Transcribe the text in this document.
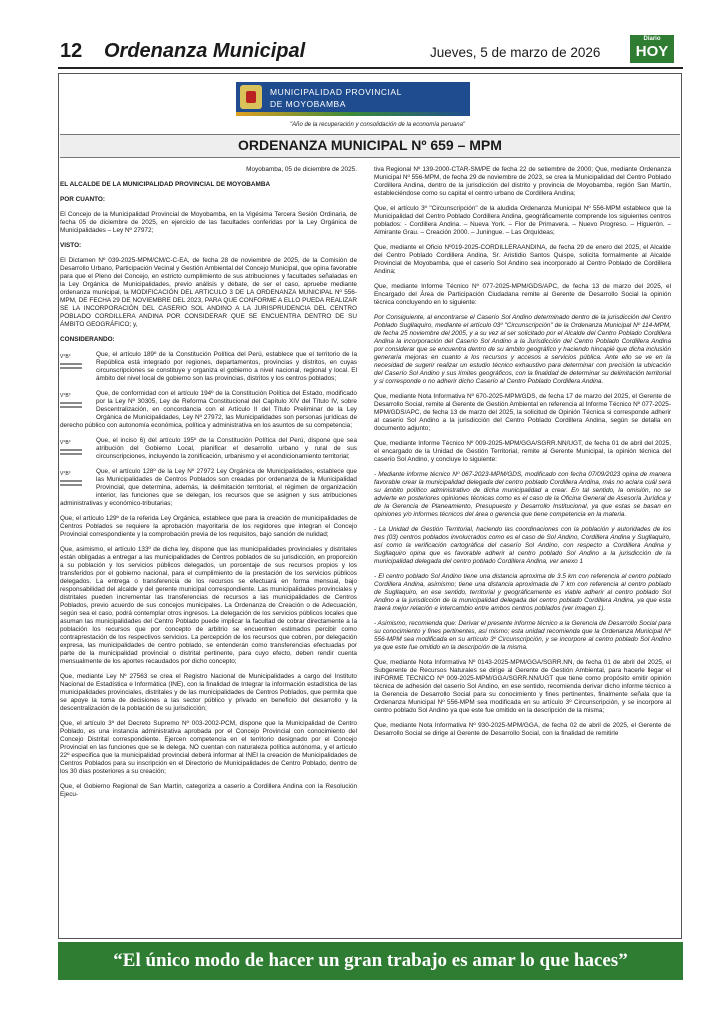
12 Ordenanza Municipal	Jueves, 5 de marzo de 2026
Diario
HOY
MUNICIPALIDAD PROVINCIAL
DE MOYOBAMBA
"Año de la recuperación y consolidación de la economía peruana"
ORDENANZA MUNICIPAL Nº 659 – MPM

Moyobamba, 05 de diciembre de 2025.

EL ALCALDE DE LA MUNICIPALIDAD PROVINCIAL DE MOYOBAMBA

POR CUANTO:

El Concejo de la Municipalidad Provincial de Moyobamba, en la Vigésima Tercera Sesión Ordinaria, de fecha 05 de diciembre de 2025, en ejercicio de las facultades conferidas por la Ley Orgánica de Municipalidades – Ley Nº 27972;

VISTO:

El Dictamen Nº 039-2025-MPM/CM/C-C-EA, de fecha 28 de noviembre de 2025, de la Comisión de Desarrollo Urbano, Participación Vecinal y Gestión Ambiental del Concejo Municipal, que opina favorable para que el Pleno del Concejo, en estricto cumplimiento de sus atribuciones y facultades señaladas en la Ley Orgánica de Municipalidades, previo análisis y debate, de ser el caso, apruebe mediante ordenanza municipal, la MODIFICACIÓN DEL ARTICULO 3 DE LA ORDENANZA MUNICIPAL Nº 556-MPM, DE FECHA 29 DE NOVIEMBRE DEL 2023, PARA QUE CONFORME A ELLO PUEDA REALIZAR SE LA INCORPORACIÓN DEL CASERIO SOL ANDINO A LA JURISPRUDENCIA DEL CENTRO POBLADO CORDILLERA ANDINA POR CONSIDERAR QUE SE ENCUENTRA DENTRO DE SU ÁMBITO GEOGRÁFICO; y,

CONSIDERANDO:

V°B°	Que, el artículo 189º de la Constitución Política del Perú, establece que el territorio de la República está integrado por regiones, departamentos, provincias y distritos, en cuyas circunscripciones se constituye y organiza el gobierno a nivel nacional, regional y local. El ámbito del nivel local de gobierno son las provincias, distritos y los centros poblados;

V°B°	Que, de conformidad con el artículo 194º de la Constitución Política del Estado, modificado por la Ley Nº 30305, Ley de Reforma Constitucional del Capítulo XIV del Título IV, sobre Descentralización, en concordancia con el Artículo II del Título Preliminar de la Ley Orgánica de Municipalidades, Ley Nº 27972, las Municipalidades son personas jurídicas de derecho público con autonomía económica, política y administrativa en los asuntos de su competencia;

V°B°	Que, el inciso 6) del artículo 195º de la Constitución Política del Perú, dispone que sea atribución del Gobierno Local, planificar el desarrollo urbano y rural de sus circunscripciones, incluyendo la zonificación, urbanismo y el acondicionamiento territorial;

V°B°	Que, el artículo 128º de la Ley Nº 27972 Ley Orgánica de Municipalidades, establece que las Municipalidades de Centros Poblados son creadas por ordenanza de la Municipalidad Provincial, que determina, además, la delimitación territorial, el régimen de organización interior, las funciones que se delegan, los recursos que se asignen y sus atribuciones administrativas y económico-tributarias;

Que, el artículo 129º de la referida Ley Orgánica, establece que para la creación de municipalidades de Centros Poblados se requiere la aprobación mayoritaria de los regidores que integran el Concejo Provincial correspondiente y la comprobación previa de los requisitos, bajo sanción de nulidad;

Que, asimismo, el artículo 133º de dicha ley, dispone que las municipalidades provinciales y distritales están obligadas a entregar a las municipalidades de Centros poblados de su jurisdicción, en proporción a su población y los servicios públicos delegados, un porcentaje de sus recursos propios y los transferidos por el gobierno nacional, para el cumplimiento de la prestación de los servicios públicos delegados. La entrega o transferencia de los recursos se efectuará en forma mensual, bajo responsabilidad del alcalde y del gerente municipal correspondiente. Las municipalidades provinciales y distritales pueden incrementar las transferencias de recursos a las municipalidades de Centros Poblados, previo acuerdo de sus concejos municipales. La Ordenanza de Creación o de Adecuación, según sea el caso, podrá contemplar otros ingresos. La delegación de los servicios públicos locales que asuman las municipalidades del Centro Poblado puede implicar la facultad de cobrar directamente a la población los recursos que por concepto de arbitrio se encuentren estimados percibir como contraprestación de los respectivos servicios. La percepción de los recursos que cobren, por delegación expresa, las municipalidades de centro poblado, se entenderán como transferencias efectuadas por parte de la municipalidad provincial o distrital pertinente, para cuyo efecto, deben rendir cuenta mensualmente de los aportes recaudados por dicho concepto;

Que, mediante Ley Nº 27563 se crea el Registro Nacional de Municipalidades a cargo del Instituto Nacional de Estadística e Informática (INE), con la finalidad de Integrar la información estadística de las municipalidades provinciales, distritales y de las municipalidades de Centros Poblados, que permita que se apoye la toma de decisiones a las sector público y privado en beneficio del desarrollo y la descentralización de la población de su jurisdicción;

Que, el artículo 3º del Decreto Supremo Nº 003-2002-PCM, dispone que la Municipalidad de Centro Poblado, es una instancia administrativa aprobada por el Concejo Provincial con conocimiento del Concejo Distrital correspondiente. Ejercen competencia en el territorio designado por el Concejo Provincial en las funciones que se le delega. NO cuentan con naturaleza política autónoma, y el artículo 22º especifica que la municipalidad provincial deberá informar al INEI la creación de Municipalidades de Centros Poblados para su inscripción en el Directorio de Municipalidades de Centro Poblado, dentro de los 30 días posteriores a su creación;

Que, el Gobierno Regional de San Martín, categoriza a caserío a Cordillera Andina con la Resolución Ejecu-

tiva Regional Nº 139-2000-CTAR-SM/PE de fecha 22 de setiembre de 2000; Que, mediante Ordenanza Municipal Nº 556-MPM, de fecha 29 de noviembre de 2023, se crea la Municipalidad del Centro Poblado Cordillera Andina, dentro de la jurisdicción del distrito y provincia de Moyobamba, región San Martín, estableciéndose como su capital el centro urbano de Cordillera Andina;

Que, el artículo 3º "Circunscripción" de la aludida Ordenanza Municipal Nº 556-MPM establece que la Municipalidad del Centro Poblado Cordillera Andina, geográficamente comprende los siguientes centros poblados: - Cordillera Andina. – Nueva York. – Flor de Primavera. – Nuevo Progreso. – Higuerón. – Almirante Grau. – Creación 2000. – Juningue. – Las Orquídeas;

Que, mediante el Oficio Nº019-2025-CORDILLERAANDINA, de fecha 29 de enero del 2025, el Alcalde del Centro Poblado Cordillera Andina, Sr. Aristidio Santos Quispe, solicita formalmente al Alcalde Provincial de Moyobamba, que el caserío Sol Andino sea incorporado al Centro Poblado de Cordillera Andina;

Que, mediante Informe Técnico Nº 077-2025-MPM/GDS/APC, de fecha 13 de marzo del 2025, el Encargado del Área de Participación Ciudadana remite al Gerente de Desarrollo Social la opinión técnica concluyendo en lo siguiente:

Por Consiguiente, al encontrarse el Caserío Sol Andino determinado dentro de la jurisdicción del Centro Poblado Sugllaquiro, mediante el artículo 03º "Circunscripción" de la Ordenanza Municipal Nº 114-MPM, de fecha 25 noviembre del 2005, y a su vez al ser solicitado por el Alcalde del Centro Poblado Cordillera Andina la incorporación del Caserío Sol Andino a la Jurisdicción del Centro Poblado Cordillera Andina por considerar que se encuentra dentro de su ámbito geográfico y haciendo hincapié que dicha inclusión generaría mejoras en cuanto a los recursos y accesos a servicios pública. Ante ello se ve en la necesidad de sugerir realizar un estudio técnico exhaustivo para determinar con precisión la ubicación del Caserío Sol Andino y sus límites geográficos, con la finalidad de determinar su delimitación territorial y si corresponde o no adherir dicho Caserío al Centro Poblado Cordillera Andina.

Que, mediante Nota Informativa Nº 670-2025-MPM/GDS, de fecha 17 de marzo del 2025, el Gerente de Desarrollo Social, remite al Gerente de Gestión Ambiental en referencia al Informe Técnico Nº 077-2025-MPM/GDS/APC, de fecha 13 de marzo del 2025, la solicitud de Opinión Técnica si corresponde adherir al caserío Sol Andino a la jurisdicción del Centro Poblado Cordillera Andina, según se detalla en documento adjunto;

Que, mediante Informe Técnico Nº 009-2025-MPM/GGA/SGRR.NN/UGT, de fecha 01 de abril del 2025, el encargado de la Unidad de Gestión Territorial, remite al Gerente Municipal, la opinión técnica del caserío Sol Andino, y concluye lo siguiente:

- Mediante informe técnico Nº 067-2023-MPM/GDS, modificado con fecha 07/09/2023 opina de manera favorable crear la municipalidad delegada del centro poblado Cordillera Andina, más no aclara cuál será su ámbito político administrativo de dicha municipalidad a crear. En tal sentido, la omisión, no se advierte en posteriores opiniones técnicas como es el caso de la Oficina General de Asesoría Jurídica y de la Gerencia de Planeamiento, Presupuesto y Desarrollo Institucional, ya que estas se basan en opiniones y/o informes técnicos del área o gerencia que tiene competencia en la materia.

- La Unidad de Gestión Territorial, haciendo las coordinaciones con la población y autoridades de los tres (03) centros poblados involucrados como es el caso de Sol Andino, Cordillera Andina y Sugllaquiro, así como la verificación cartográfica del caserío Sol Andino, con respecto a Cordillera Andina y Sugllaquiro opina que es favorable adherir al centro poblado Sol Andino a la jurisdicción de la municipalidad delegada del centro poblado Cordillera Andina, ver anexo 1

- El centro poblado Sol Andino tiene una distancia aproxima de 3.5 km con referencia al centro poblado Cordillera Andina, asimismo; tiene una distancia aproximada de 7 km con referencia al centro poblado de Sugllaquiro, en ese sentido, territorial y geográficamente es viable adherir al centro poblado Sol Andino a la jurisdicción de la municipalidad delegada del centro poblado Cordillera Andina, ya que esta traerá mejor relación e intercambio entre ambos centros poblados (ver imagen 1).

- Asimismo, recomienda que: Derivar el presente informe técnico a la Gerencia de Desarrollo Social para su conocimiento y fines pertinentes, así mismo; esta unidad recomienda que la Ordenanza Municipal Nº 556-MPM sea modificada en su artículo 3º Circunscripción, y se incorpore al centro poblado Sol Andino ya que este fue omitido en la descripción de la misma.

Que, mediante Nota Informativa Nº 0143-2025-MPM/GGA/SGRR.NN, de fecha 01 de abril del 2025, el Subgerente de Recursos Naturales se dirige al Gerente de Gestión Ambiental, para hacerle llegar el INFORME TECNICO Nº 009-2025-MPM/GGA/SGRR.NN/UGT que tiene como propósito emitir opinión técnica de adhesión del caserío Sol Andino, en ese sentido, recomienda derivar dicho informe técnico a la Gerencia de Desarrollo Social para su conocimiento y fines pertinentes, finalmente señala que la Ordenanza Municipal Nº 556-MPM sea modificada en su artículo 3º Circunscripción, y se incorpore al centro poblado Sol Andino ya que este fue omitido en la descripción de la misma;

Que, mediante Nota Informativa Nº 930-2025-MPM/GGA, de fecha 02 de abril de 2025, el Gerente de Desarrollo Social se dirige al Gerente de Desarrollo Social, con la finalidad de remitirle

“El único modo de hacer un gran trabajo es amar lo que haces”
